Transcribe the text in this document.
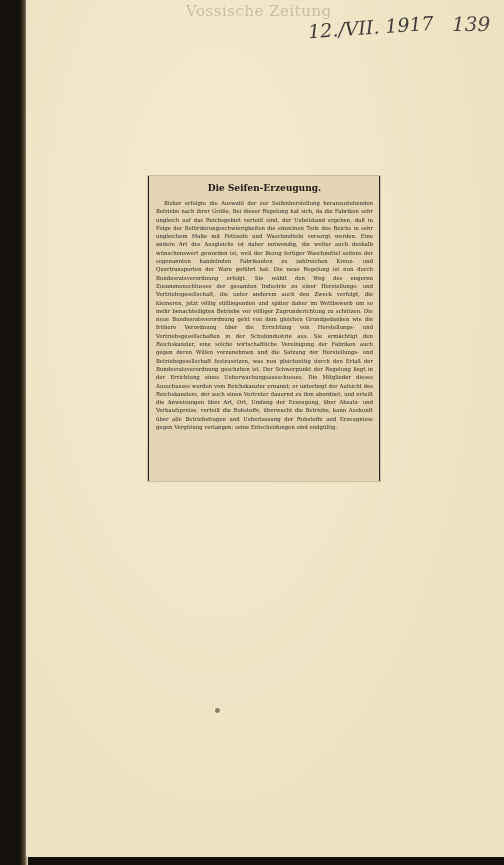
Vossische Zeitung
12./VII. 1917 139
Die Seifen-Erzeugung.
Bisher erfolgte die Auswahl der zur Seifenherstellung heranzuziehenden Betriebe nach ihrer Größe. Bei dieser Regelung hat sich, da die Fabriken sehr ungleich auf das Reichsgebiet verteilt sind, der Uebelstand ergeben, daß in Folge der Beförderungsschwierigkeiten die einzelnen Teile des Reichs in sehr ungleichem Maße mit Fettseife und Waschmitteln versorgt werden. Eine andere Art des Ausgleichs ist daher notwendig, die weiter auch deshalb wünschenswert geworden ist, weil der Bezug fertiger Waschmittel seitens der sogenannten handelnden Fabrikanten zu zahlreichen Kreuz- und Quertransporten der Ware geführt hat. Die neue Regelung ist nun durch Bundesratsverordnung erfolgt. Sie wählt den Weg des engeren Zusammenschlusses der gesamten Industrie zu einer Herstellungs- und Vertriebsgesellschaft, die unter anderem auch den Zweck verfolgt, die kleineren, jetzt völlig stillliegenden und später daher im Wettbewerb um so mehr benachteiligten Betriebe vor völliger Zugrunderichtung zu schützen. Die neue Bundesratsverordnung geht von dem gleichen Grundgedanken wie die frühere Verordnung über die Errichtung von Herstellungs- und Vertriebsgesellschaften in der Schuhindustrie aus. Sie ermächtigt den Reichskanzler, eine solche wirtschaftliche Vereinigung der Fabriken auch gegen deren Willen vorzunehmen und die Satzung der Herstellungs- und Betriebsgesellschaft festzusetzen, was nun gleichzeitig durch den Erlaß der Bundesratsverordnung geschehen ist. Der Schwerpunkt der Regelung liegt in der Errichtung eines Ueberwachungsausschusses. Die Mitglieder dieses Ausschusses werden vom Reichskanzler ernannt; er unterliegt der Aufsicht des Reichskanzlers, der auch einen Vertreter dauernd zu ihm abordnet, und erteilt die Anweisungen über Art, Ort, Umfang der Erzeugung, über Absatz- und Verkaufspreise, verteilt die Rohstoffe, überwacht die Betriebe, kann Auskunft über alle Betriebsfragen und Ueberlassung der Rohstoffe und Erzeugnisse gegen Vergütung verlangen; seine Entscheidungen sind endgültig.
